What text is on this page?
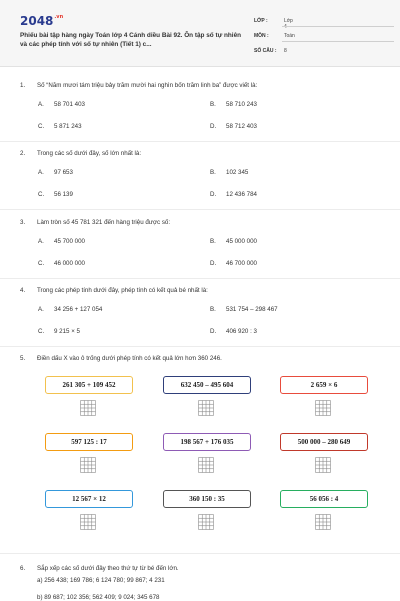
$2048^{.vn}$
Phiếu bài tập hàng ngày Toán lớp 4 Cánh diều Bài 92. Ôn tập số tự nhiên và các phép tính với số tự nhiên (Tiết 1) c...
LỚP :	Lớp 4
MÔN :	Toán
SỐ CÂU :	8
1. Số “Năm mươi tám triệu bảy trăm mười hai nghìn bốn trăm linh ba” được viết là:
A. 58 701 403	B. 58 710 243
C. 5 871 243	D. 58 712 403
2. Trong các số dưới đây, số lớn nhất là:
A. 97 653	B. 102 345
C. 56 139	D. 12 436 784
3. Làm tròn số 45 781 321 đến hàng triệu được số:
A. 45 700 000	B. 45 000 000
C. 46 000 000	D. 46 700 000
4. Trong các phép tính dưới đây, phép tính có kết quả bé nhất là:
A. 34 256 + 127 054	B. 531 754 – 298 467
C. 9 215 × 5	D. 406 920 : 3
5. Điền dấu X vào ô trống dưới phép tính có kết quả lớn hơn 360 246.
261 305 + 109 452	632 450 – 495 604	2 659 × 6
597 125 : 17	198 567 + 176 035	500 000 – 280 649
12 567 × 12	360 150 : 35	56 056 : 4
6. Sắp xếp các số dưới đây theo thứ tự từ bé đến lớn.
a) 256 438; 169 786; 6 124 780; 99 867; 4 231
b) 89 687; 102 356; 562 409; 9 024; 345 678
